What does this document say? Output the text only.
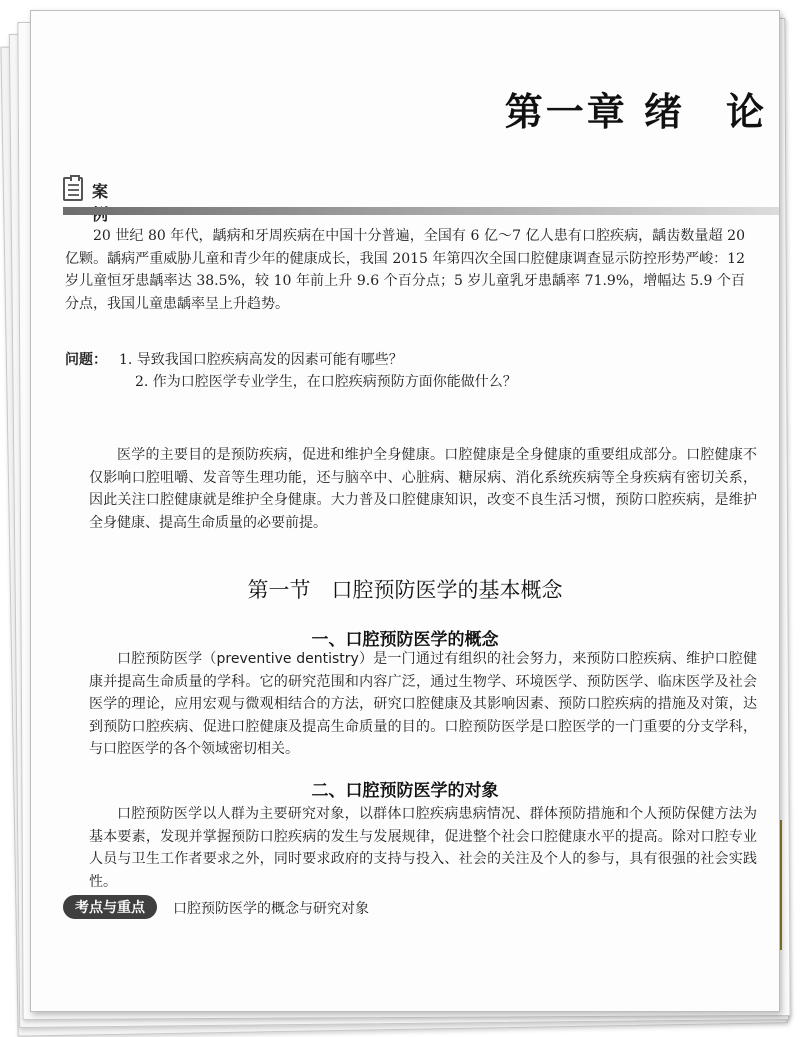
第一章 绪　论
案
20 世纪 80 年代，龋病和牙周疾病在中国十分普遍，全国有 6 亿～7 亿人患有口腔疾病，龋齿数量超 20 亿颗。龋病严重威胁儿童和青少年的健康成长，我国 2015 年第四次全国口腔健康调查显示防控形势严峻：12 岁儿童恒牙患龋率达 38.5%，较 10 年前上升 9.6 个百分点；5 岁儿童乳牙患龋率 71.9%，增幅达 5.9 个百分点，我国儿童患龋率呈上升趋势。
问题： 1. 导致我国口腔疾病高发的因素可能有哪些？
2. 作为口腔医学专业学生，在口腔疾病预防方面你能做什么？
医学的主要目的是预防疾病，促进和维护全身健康。口腔健康是全身健康的重要组成部分。口腔健康不仅影响口腔咀嚼、发音等生理功能，还与脑卒中、心脏病、糖尿病、消化系统疾病等全身疾病有密切关系，因此关注口腔健康就是维护全身健康。大力普及口腔健康知识，改变不良生活习惯，预防口腔疾病，是维护全身健康、提高生命质量的必要前提。
第一节　口腔预防医学的基本概念
一、口腔预防医学的概念
口腔预防医学（preventive dentistry）是一门通过有组织的社会努力，来预防口腔疾病、维护口腔健康并提高生命质量的学科。它的研究范围和内容广泛，通过生物学、环境医学、预防医学、临床医学及社会医学的理论，应用宏观与微观相结合的方法，研究口腔健康及其影响因素、预防口腔疾病的措施及对策，达到预防口腔疾病、促进口腔健康及提高生命质量的目的。口腔预防医学是口腔医学的一门重要的分支学科，与口腔医学的各个领域密切相关。
二、口腔预防医学的对象
口腔预防医学以人群为主要研究对象，以群体口腔疾病患病情况、群体预防措施和个人预防保健方法为基本要素，发现并掌握预防口腔疾病的发生与发展规律，促进整个社会口腔健康水平的提高。除对口腔专业人员与卫生工作者要求之外，同时要求政府的支持与投入、社会的关注及个人的参与，具有很强的社会实践性。
考点与重点	口腔预防医学的概念与研究对象
